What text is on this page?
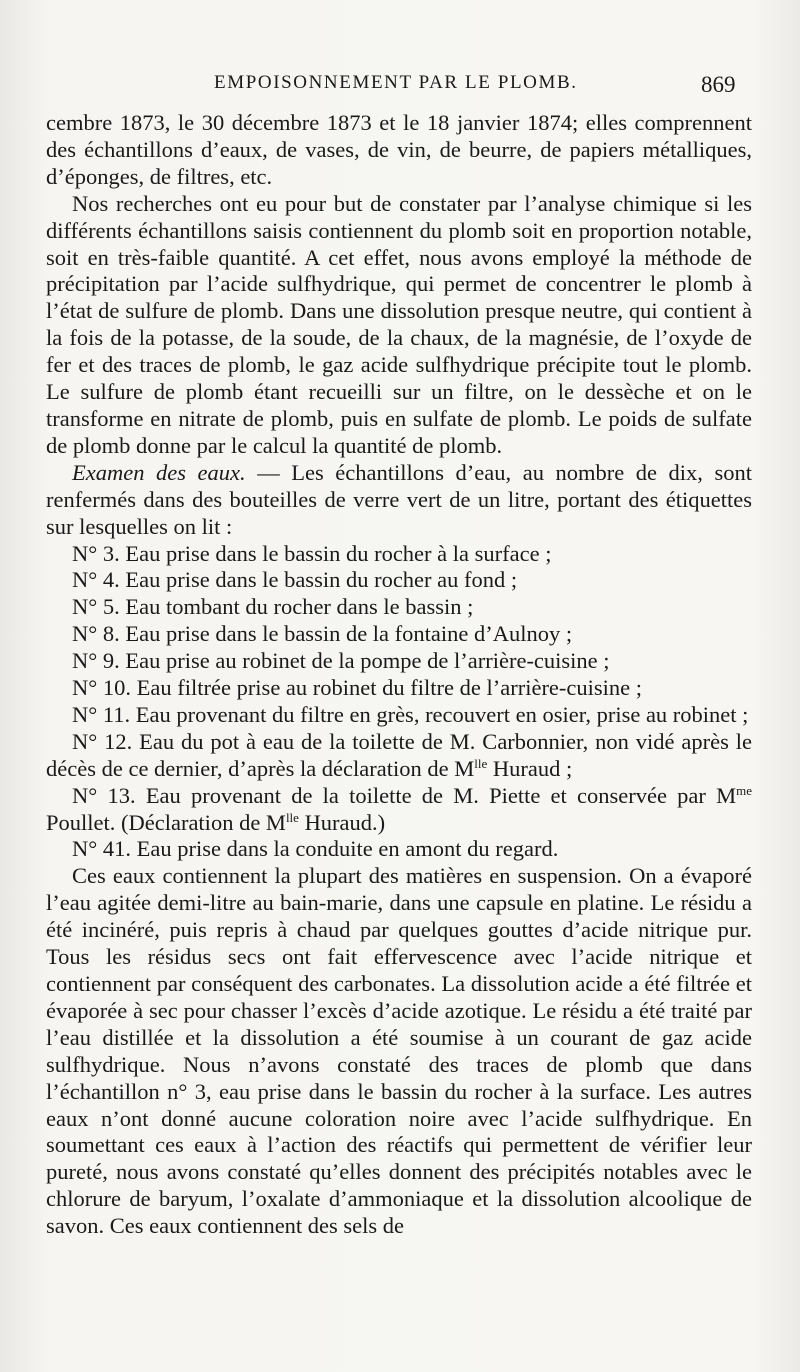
EMPOISONNEMENT PAR LE PLOMB.	869

cembre 1873, le 30 décembre 1873 et le 18 janvier 1874; elles comprennent des échantillons d’eaux, de vases, de vin, de beurre, de papiers métalliques, d’éponges, de filtres, etc.

Nos recherches ont eu pour but de constater par l’analyse chimique si les différents échantillons saisis contiennent du plomb soit en proportion notable, soit en très-faible quantité. A cet effet, nous avons employé la méthode de précipitation par l’acide sulfhydrique, qui permet de concentrer le plomb à l’état de sulfure de plomb. Dans une dissolution presque neutre, qui contient à la fois de la potasse, de la soude, de la chaux, de la magnésie, de l’oxyde de fer et des traces de plomb, le gaz acide sulfhydrique précipite tout le plomb. Le sulfure de plomb étant recueilli sur un filtre, on le dessèche et on le transforme en nitrate de plomb, puis en sulfate de plomb. Le poids de sulfate de plomb donne par le calcul la quantité de plomb.

Examen des eaux. — Les échantillons d’eau, au nombre de dix, sont renfermés dans des bouteilles de verre vert de un litre, portant des étiquettes sur lesquelles on lit :

N° 3. Eau prise dans le bassin du rocher à la surface ;

N° 4. Eau prise dans le bassin du rocher au fond ;

N° 5. Eau tombant du rocher dans le bassin ;

N° 8. Eau prise dans le bassin de la fontaine d’Aulnoy ;

N° 9. Eau prise au robinet de la pompe de l’arrière-cuisine ;

N° 10. Eau filtrée prise au robinet du filtre de l’arrière-cuisine ;

N° 11. Eau provenant du filtre en grès, recouvert en osier, prise au robinet ;

N° 12. Eau du pot à eau de la toilette de M. Carbonnier, non vidé après le décès de ce dernier, d’après la déclaration de $M^{lle}$ Huraud ;

N° 13. Eau provenant de la toilette de M. Piette et conservée par $M^{me}$ Poullet. (Déclaration de $M^{lle}$ Huraud.)

N° 41. Eau prise dans la conduite en amont du regard.

Ces eaux contiennent la plupart des matières en suspension. On a évaporé l’eau agitée demi-litre au bain-marie, dans une capsule en platine. Le résidu a été incinéré, puis repris à chaud par quelques gouttes d’acide nitrique pur. Tous les résidus secs ont fait effervescence avec l’acide nitrique et contiennent par conséquent des carbonates. La dissolution acide a été filtrée et évaporée à sec pour chasser l’excès d’acide azotique. Le résidu a été traité par l’eau distillée et la dissolution a été soumise à un courant de gaz acide sulfhydrique. Nous n’avons constaté des traces de plomb que dans l’échantillon n° 3, eau prise dans le bassin du rocher à la surface. Les autres eaux n’ont donné aucune coloration noire avec l’acide sulfhydrique. En soumettant ces eaux à l’action des réactifs qui permettent de vérifier leur pureté, nous avons constaté qu’elles donnent des précipités notables avec le chlorure de baryum, l’oxalate d’ammoniaque et la dissolution alcoolique de savon. Ces eaux contiennent des sels de
